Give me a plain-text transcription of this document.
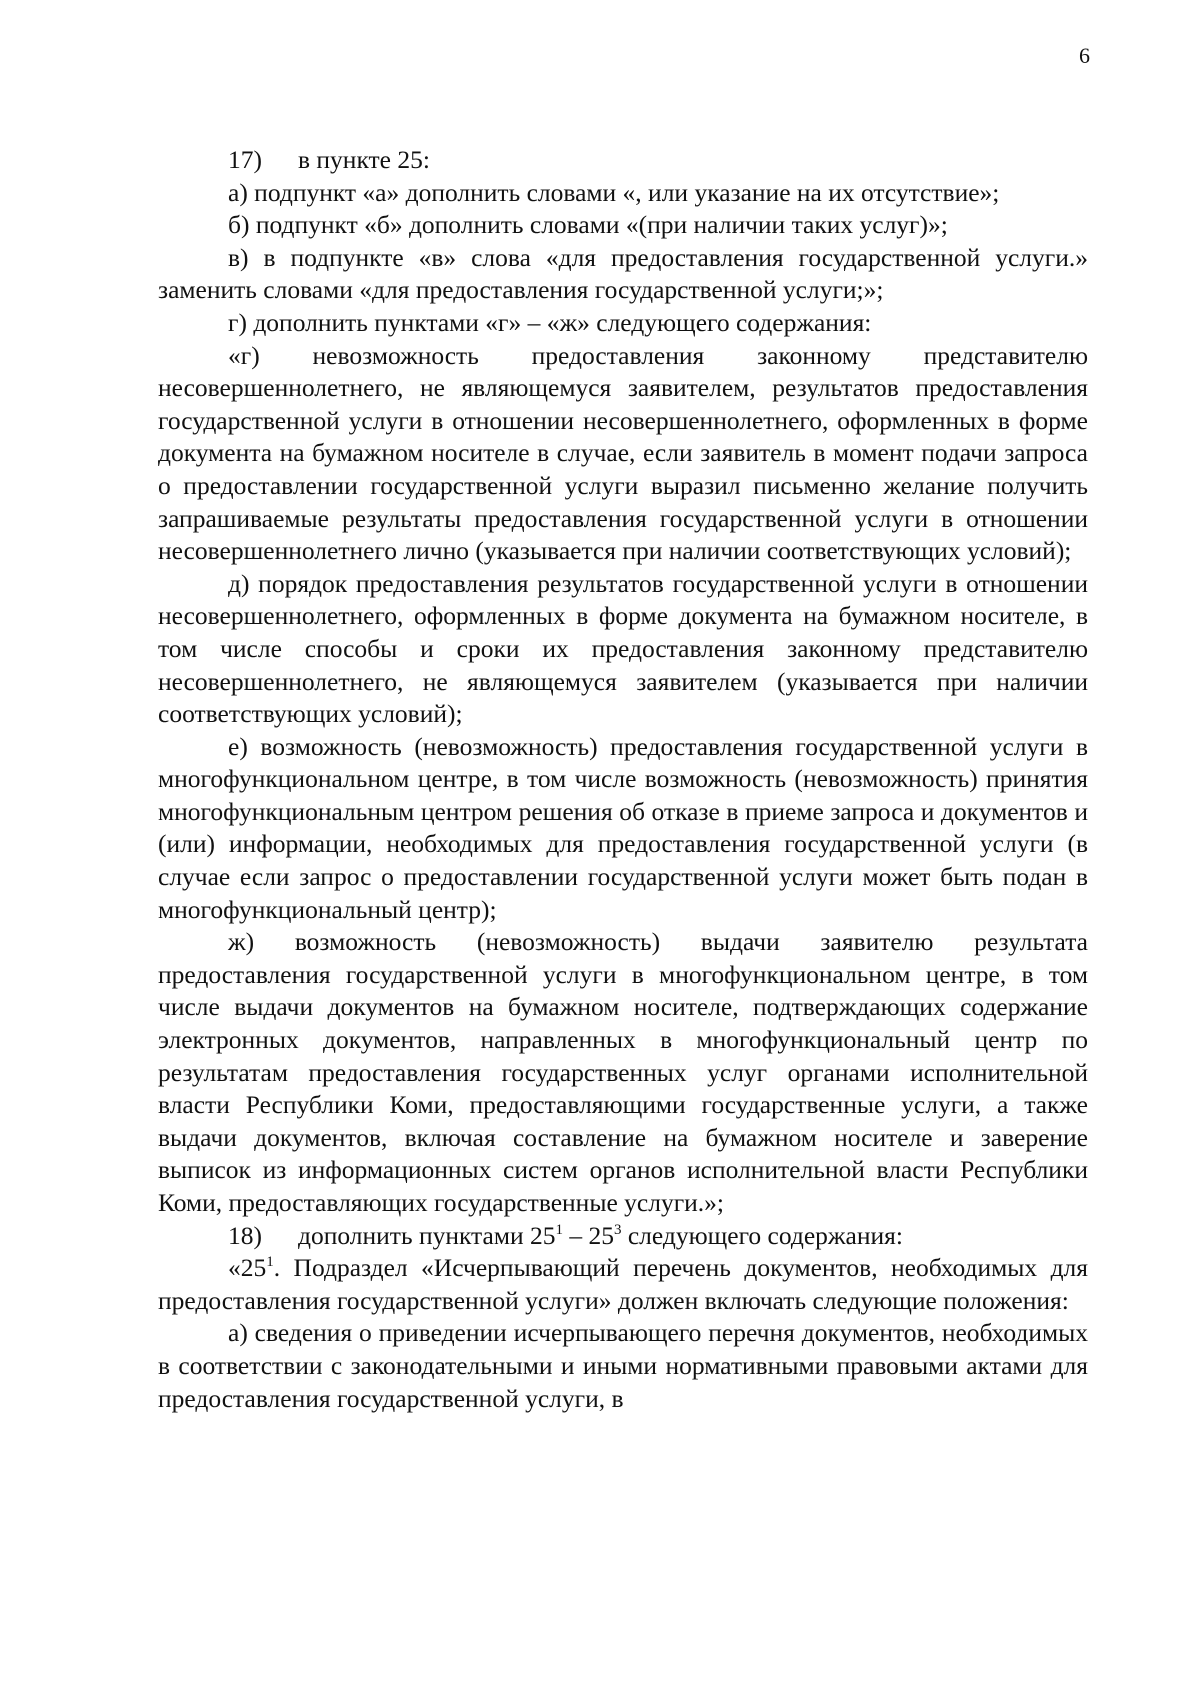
6

17) в пункте 25:

а) подпункт «а» дополнить словами «, или указание на их отсутствие»;

б) подпункт «б» дополнить словами «(при наличии таких услуг)»;

в) в подпункте «в» слова «для предоставления государственной услуги.» заменить словами «для предоставления государственной услуги;»;

г) дополнить пунктами «г» – «ж» следующего содержания:

«г) невозможность предоставления законному представителю несовершеннолетнего, не являющемуся заявителем, результатов предоставления государственной услуги в отношении несовершеннолетнего, оформленных в форме документа на бумажном носителе в случае, если заявитель в момент подачи запроса о предоставлении государственной услуги выразил письменно желание получить запрашиваемые результаты предоставления государственной услуги в отношении несовершеннолетнего лично (указывается при наличии соответствующих условий);

д) порядок предоставления результатов государственной услуги в отношении несовершеннолетнего, оформленных в форме документа на бумажном носителе, в том числе способы и сроки их предоставления законному представителю несовершеннолетнего, не являющемуся заявителем (указывается при наличии соответствующих условий);

е) возможность (невозможность) предоставления государственной услуги в многофункциональном центре, в том числе возможность (невозможность) принятия многофункциональным центром решения об отказе в приеме запроса и документов и (или) информации, необходимых для предоставления государственной услуги (в случае если запрос о предоставлении государственной услуги может быть подан в многофункциональный центр);

ж) возможность (невозможность) выдачи заявителю результата предоставления государственной услуги в многофункциональном центре, в том числе выдачи документов на бумажном носителе, подтверждающих содержание электронных документов, направленных в многофункциональный центр по результатам предоставления государственных услуг органами исполнительной власти Республики Коми, предоставляющими государственные услуги, а также выдачи документов, включая составление на бумажном носителе и заверение выписок из информационных систем органов исполнительной власти Республики Коми, предоставляющих государственные услуги.»;

18) дополнить пунктами $25^1 - 25^3$ следующего содержания:

«$25^1$. Подраздел «Исчерпывающий перечень документов, необходимых для предоставления государственной услуги» должен включать следующие положения:

а) сведения о приведении исчерпывающего перечня документов, необходимых в соответствии с законодательными и иными нормативными правовыми актами для предоставления государственной услуги, в
